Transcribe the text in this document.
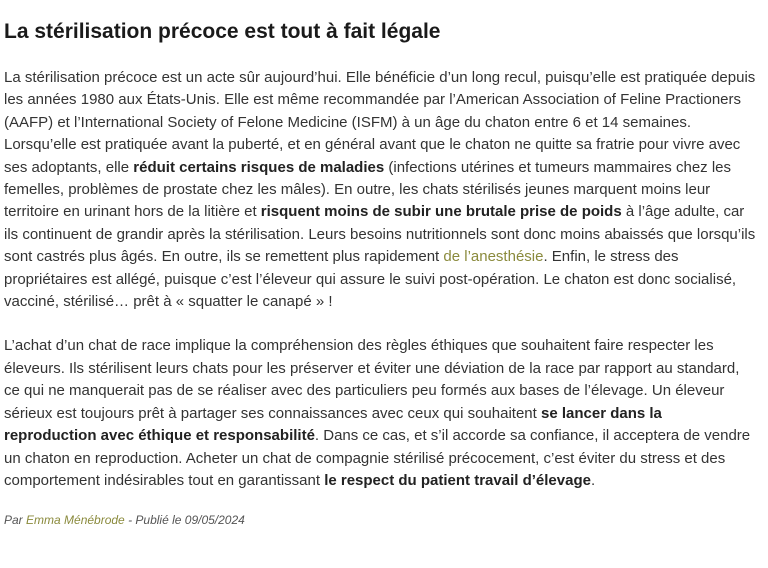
La stérilisation précoce est tout à fait légale

La stérilisation précoce est un acte sûr aujourd’hui. Elle bénéficie d’un long recul, puisqu’elle est pratiquée depuis les années 1980 aux États-Unis. Elle est même recommandée par l’American Association of Feline Practioners (AAFP) et l’International Society of Felone Medicine (ISFM) à un âge du chaton entre 6 et 14 semaines. Lorsqu’elle est pratiquée avant la puberté, et en général avant que le chaton ne quitte sa fratrie pour vivre avec ses adoptants, elle réduit certains risques de maladies (infections utérines et tumeurs mammaires chez les femelles, problèmes de prostate chez les mâles). En outre, les chats stérilisés jeunes marquent moins leur territoire en urinant hors de la litière et risquent moins de subir une brutale prise de poids à l’âge adulte, car ils continuent de grandir après la stérilisation. Leurs besoins nutritionnels sont donc moins abaissés que lorsqu’ils sont castrés plus âgés. En outre, ils se remettent plus rapidement de l’anesthésie. Enfin, le stress des propriétaires est allégé, puisque c’est l’éleveur qui assure le suivi post-opération. Le chaton est donc socialisé, vacciné, stérilisé… prêt à « squatter le canapé » !

L’achat d’un chat de race implique la compréhension des règles éthiques que souhaitent faire respecter les éleveurs. Ils stérilisent leurs chats pour les préserver et éviter une déviation de la race par rapport au standard, ce qui ne manquerait pas de se réaliser avec des particuliers peu formés aux bases de l’élevage. Un éleveur sérieux est toujours prêt à partager ses connaissances avec ceux qui souhaitent se lancer dans la reproduction avec éthique et responsabilité. Dans ce cas, et s’il accorde sa confiance, il acceptera de vendre un chaton en reproduction. Acheter un chat de compagnie stérilisé précocement, c’est éviter du stress et des comportement indésirables tout en garantissant le respect du patient travail d’élevage.

Par Emma Ménébrode - Publié le 09/05/2024
